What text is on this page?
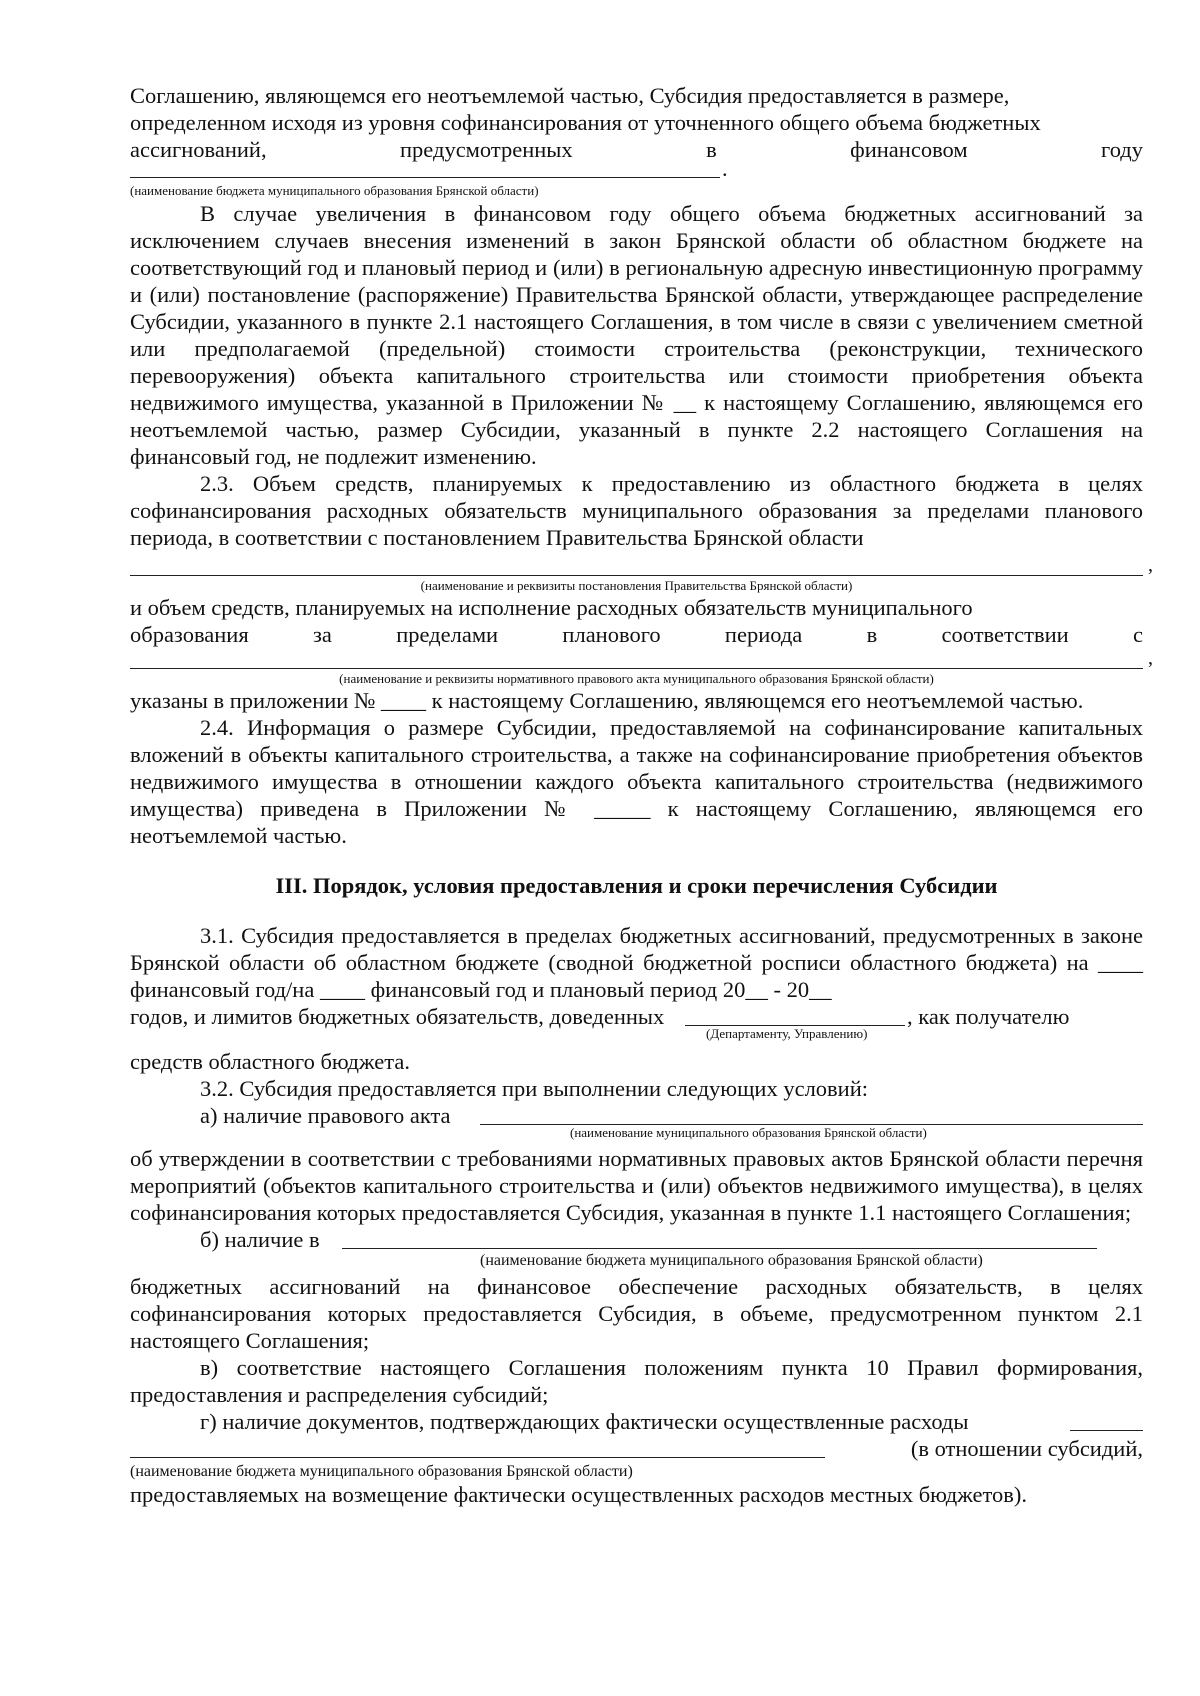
Соглашению, являющемся его неотъемлемой частью, Субсидия предоставляется в размере,

определенном исходя из уровня софинансирования от уточненного общего объема бюджетных

ассигнований,	предусмотренных	в	финансовом	году
.

(наименование бюджета муниципального образования Брянской области)

В случае увеличения в финансовом году общего объема бюджетных ассигнований за исключением случаев внесения изменений в закон Брянской области об областном бюджете на соответствующий год и плановый период и (или) в региональную адресную инвестиционную программу и (или) постановление (распоряжение) Правительства Брянской области, утверждающее распределение Субсидии, указанного в пункте 2.1 настоящего Соглашения, в том числе в связи с увеличением сметной или предполагаемой (предельной) стоимости строительства (реконструкции, технического перевооружения) объекта капитального строительства или стоимости приобретения объекта недвижимого имущества, указанной в Приложении № __ к настоящему Соглашению, являющемся его неотъемлемой частью, размер Субсидии, указанный в пункте 2.2 настоящего Соглашения на финансовый год, не подлежит изменению.

2.3. Объем средств, планируемых к предоставлению из областного бюджета в целях софинансирования расходных обязательств муниципального образования за пределами планового периода, в соответствии с постановлением Правительства Брянской области

,

(наименование и реквизиты постановления Правительства Брянской области)

и объем средств, планируемых на исполнение расходных обязательств муниципального

образования	за	пределами	планового	периода	в	соответствии	с
,

(наименование и реквизиты нормативного правового акта муниципального образования Брянской области)

указаны в приложении № ____ к настоящему Соглашению, являющемся его неотъемлемой частью.

2.4. Информация о размере Субсидии, предоставляемой на софинансирование капитальных вложений в объекты капитального строительства, а также на софинансирование приобретения объектов недвижимого имущества в отношении каждого объекта капитального строительства (недвижимого имущества) приведена в Приложении № _____ к настоящему Соглашению, являющемся его неотъемлемой частью.

III. Порядок, условия предоставления и сроки перечисления Субсидии

3.1. Субсидия предоставляется в пределах бюджетных ассигнований, предусмотренных в законе Брянской области об областном бюджете (сводной бюджетной росписи областного бюджета) на ____ финансовый год/на ____ финансовый год и плановый период 20__ - 20__

годов, и лимитов бюджетных обязательств, доведенных	, как получателю
(Департаменту, Управлению)

средств областного бюджета.

3.2. Субсидия предоставляется при выполнении следующих условий:

а) наличие правового акта
(наименование муниципального образования Брянской области)

об утверждении в соответствии с требованиями нормативных правовых актов Брянской области перечня мероприятий (объектов капитального строительства и (или) объектов недвижимого имущества), в целях софинансирования которых предоставляется Субсидия, указанная в пункте 1.1 настоящего Соглашения;

б) наличие в
(наименование бюджета муниципального образования Брянской области)

бюджетных ассигнований на финансовое обеспечение расходных обязательств, в целях софинансирования которых предоставляется Субсидия, в объеме, предусмотренном пунктом 2.1 настоящего Соглашения;

в) соответствие настоящего Соглашения положениям пункта 10 Правил формирования, предоставления и распределения субсидий;

г) наличие документов, подтверждающих фактически осуществленные расходы
(в отношении субсидий,

(наименование бюджета муниципального образования Брянской области)

предоставляемых на возмещение фактически осуществленных расходов местных бюджетов).
